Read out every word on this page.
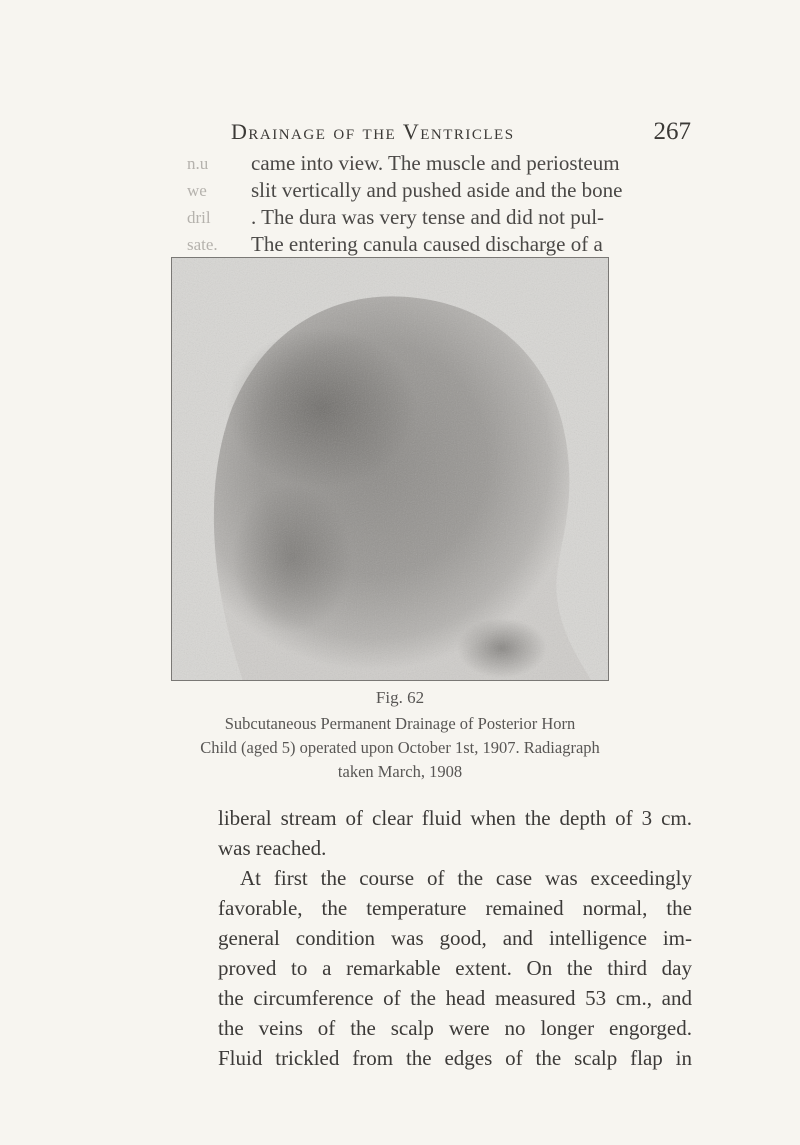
Drainage of the Ventricles	267
n.u
we
dril
sate.
came into view. The muscle and periosteum
slit vertically and pushed aside and the bone
. The dura was very tense and did not pul-
The entering canula caused discharge of a
Fig. 62
Subcutaneous Permanent Drainage of Posterior Horn
Child (aged 5) operated upon October 1st, 1907. Radiagraph
taken March, 1908
liberal stream of clear fluid when the depth of 3 cm.
was reached.
At first the course of the case was exceedingly
favorable, the temperature remained normal, the
general condition was good, and intelligence im-
proved to a remarkable extent. On the third day
the circumference of the head measured 53 cm., and
the veins of the scalp were no longer engorged.
Fluid trickled from the edges of the scalp flap in
